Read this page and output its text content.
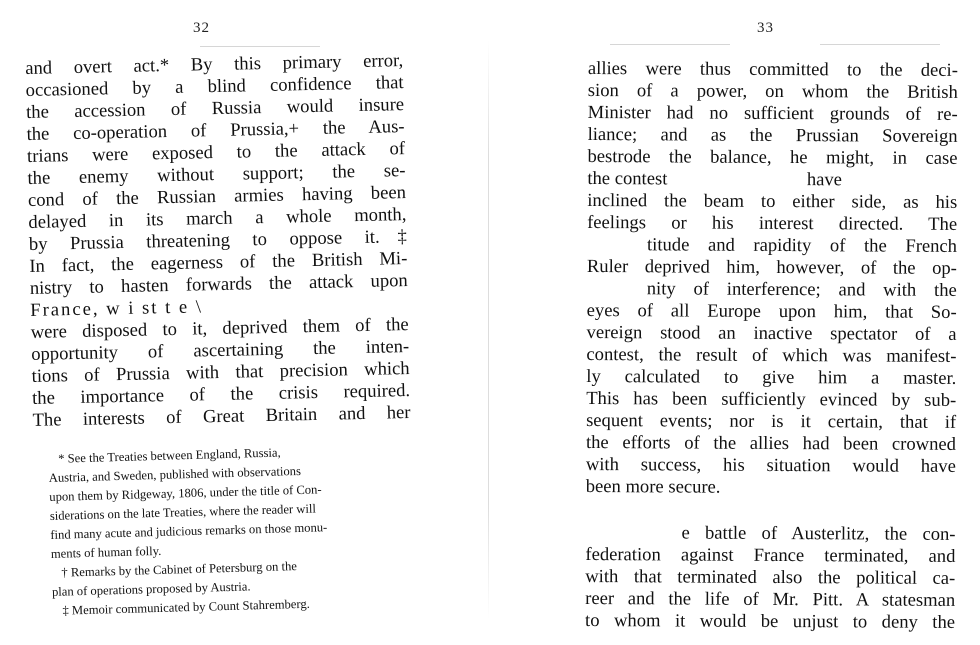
32
and overt act.* By this primary error,
occasioned by a blind confidence that
the accession of Russia would insure
the co-operation of Prussia,+ the Aus-
trians were exposed to the attack of
the enemy without support; the se-
cond of the Russian armies having been
delayed in its march a whole month,
by Prussia threatening to oppose it.‡
In fact, the eagerness of the British Mi-
nistry to hasten forwards the attack upon
France, w i st t e \
were disposed to it, deprived them of the
opportunity of ascertaining the inten-
tions of Prussia with that precision which
the importance of the crisis required.
The interests of Great Britain and her
* See the Treaties between England, Russia,
Austria, and Sweden, published with observations
upon them by Ridgeway, 1806, under the title of Con-
siderations on the late Treaties, where the reader will
find many acute and judicious remarks on those monu-
ments of human folly.
† Remarks by the Cabinet of Petersburg on the
plan of operations proposed by Austria.
‡ Memoir communicated by Count Stahremberg.
33
allies were thus committed to the deci-
sion of a power, on whom the British
Minister had no sufficient grounds of re-
liance; and as the Prussian Sovereign
bestrode the balance, he might, in case
the contest                              have
inclined the beam to either side, as his
feelings or his interest directed. The
titude and rapidity of the French
Ruler deprived him, however, of the op-
nity of interference; and with the
eyes of all Europe upon him, that So-
vereign stood an inactive spectator of a
contest, the result of which was manifest-
ly calculated to give him a master.
This has been sufficiently evinced by sub-
sequent events; nor is it certain, that if
the efforts of the allies had been crowned
with success, his situation would have
been more secure.
e battle of Austerlitz, the con-
federation against France terminated, and
with that terminated also the political ca-
reer and the life of Mr. Pitt. A statesman
to whom it would be unjust to deny the
